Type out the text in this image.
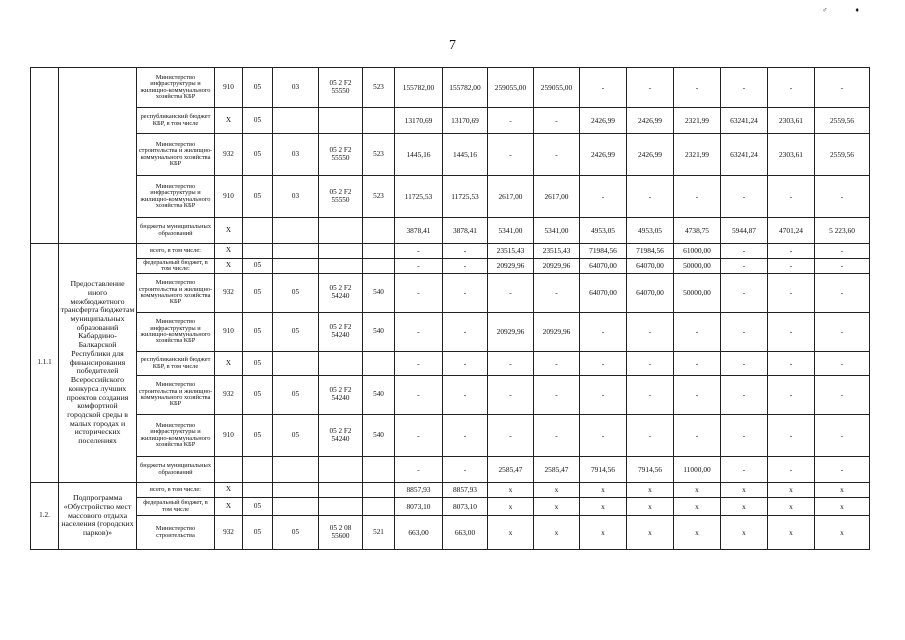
♂♦
7
		Министерство инфраструктуры и жилищно-коммунального хозяйства КБР	910	05	03	05 2 F2 55550	523	155782,00	155782,00	259055,00	259055,00	-	-	-	-	-	-
		республиканский бюджет КБР, в том числе	X	05				13170,69	13170,69	-	-	2426,99	2426,99	2321,99	63241,24	2303,61	2559,56
		Министерство строительства и жилищно-коммунального хозяйства КБР	932	05	03	05 2 F2 55550	523	1445,16	1445,16	-	-	2426,99	2426,99	2321,99	63241,24	2303,61	2559,56
		Министерство инфраструктуры и жилищно-коммунального хозяйства КБР	910	05	03	05 2 F2 55550	523	11725,53	11725,53	2617,00	2617,00	-	-	-	-	-	-
		бюджеты муниципальных образований	X					3878,41	3878,41	5341,00	5341,00	4953,05	4953,05	4738,75	5944,87	4701,24	5 223,60
1.1.1	Предоставление иного межбюджетного трансферта бюджетам муниципальных образований Кабардино-Балкарской Республики для финансирования победителей Всероссийского конкурса лучших проектов создания комфортной городской среды в малых городах и исторических поселениях	всего, в том числе:	X					-	-	23515,43	23515,43	71984,56	71984,56	61000,00	-	-	-
		федеральный бюджет, в том числе:	X	05				-	-	20929,96	20929,96	64070,00	64070,00	50000,00	-	-	-
		Министерство строительства и жилищно-коммунального хозяйства КБР	932	05	05	05 2 F2 54240	540	-	-	-	-	64070,00	64070,00	50000,00	-	-	-
		Министерство инфраструктуры и жилищно-коммунального хозяйства КБР	910	05	05	05 2 F2 54240	540	-	-	20929,96	20929,96	-	-	-	-	-	-
		республиканский бюджет КБР, в том числе	X	05				-	-	-	-	-	-	-	-	-	-
		Министерство строительства и жилищно-коммунального хозяйства КБР	932	05	05	05 2 F2 54240	540	-	-	-	-	-	-	-	-	-	-
		Министерство инфраструктуры и жилищно-коммунального хозяйства КБР	910	05	05	05 2 F2 54240	540	-	-	-	-	-	-	-	-	-	-
		бюджеты муниципальных образований						-	-	2585,47	2585,47	7914,56	7914,56	11000,00	-	-	-
1.2.	Подпрограмма «Обустройство мест массового отдыха населения (городских парков)»	всего, в том числе:	X					8857,93	8857,93	x	x	x	x	x	x	x	x
		федеральный бюджет, в том числе	X	05				8073,10	8073,10	x	x	x	x	x	x	x	x
		Министерство строительства	932	05	05	05 2 08 55600	521	663,00	663,00	x	x	x	x	x	x	x	x
